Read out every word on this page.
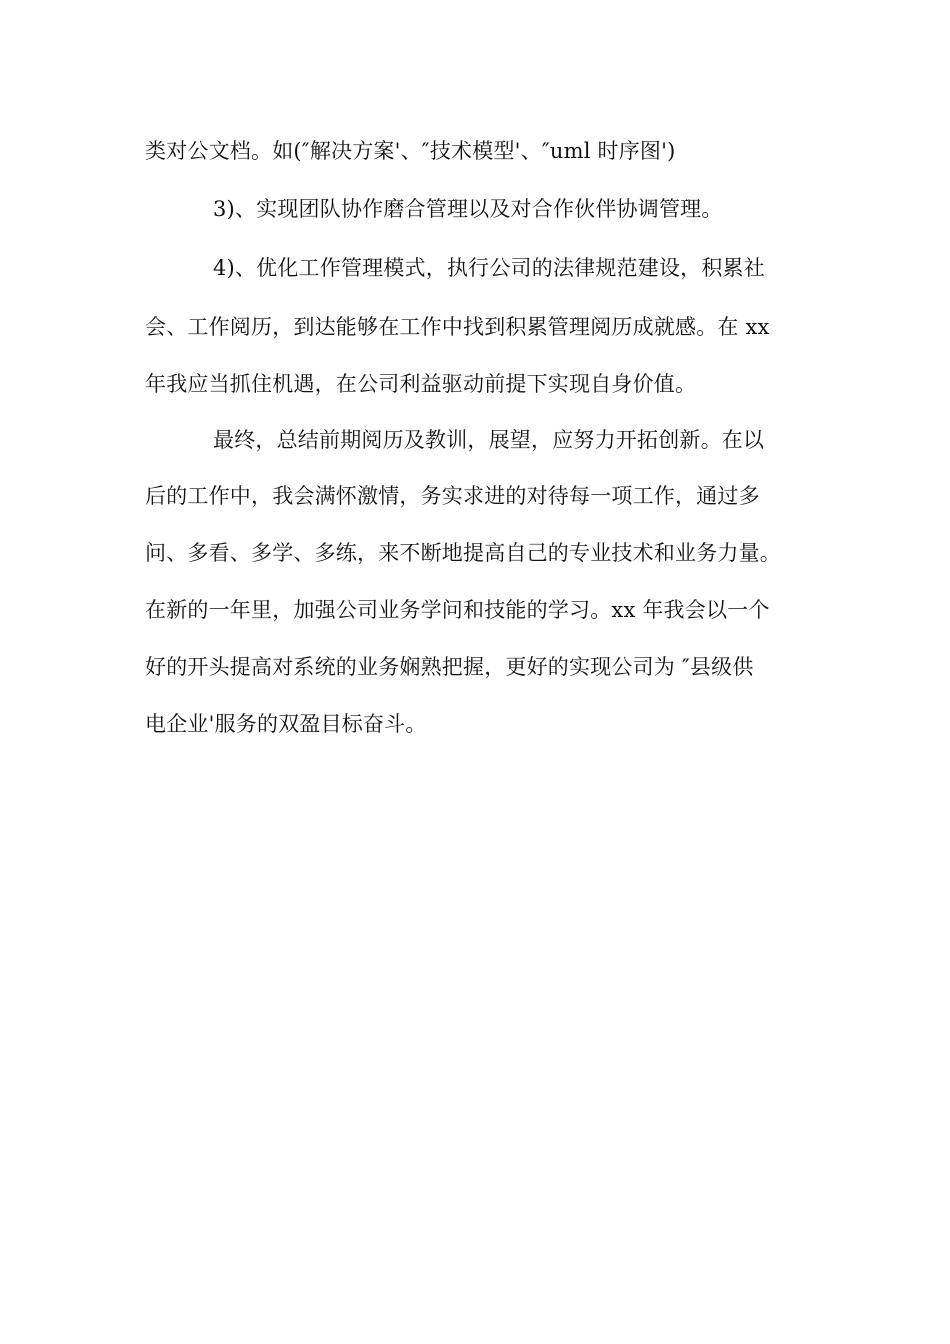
类对公文档。如(″解决方案'、″技术模型'、″uml 时序图')
3)、实现团队协作磨合管理以及对合作伙伴协调管理。
4)、优化工作管理模式，执行公司的法律规范建设，积累社
会、工作阅历，到达能够在工作中找到积累管理阅历成就感。在 xx
年我应当抓住机遇，在公司利益驱动前提下实现自身价值。
最终，总结前期阅历及教训，展望，应努力开拓创新。在以
后的工作中，我会满怀激情，务实求进的对待每一项工作，通过多
问、多看、多学、多练，来不断地提高自己的专业技术和业务力量。
在新的一年里，加强公司业务学问和技能的学习。xx 年我会以一个
好的开头提高对系统的业务娴熟把握，更好的实现公司为 ″县级供
电企业'服务的双盈目标奋斗。
